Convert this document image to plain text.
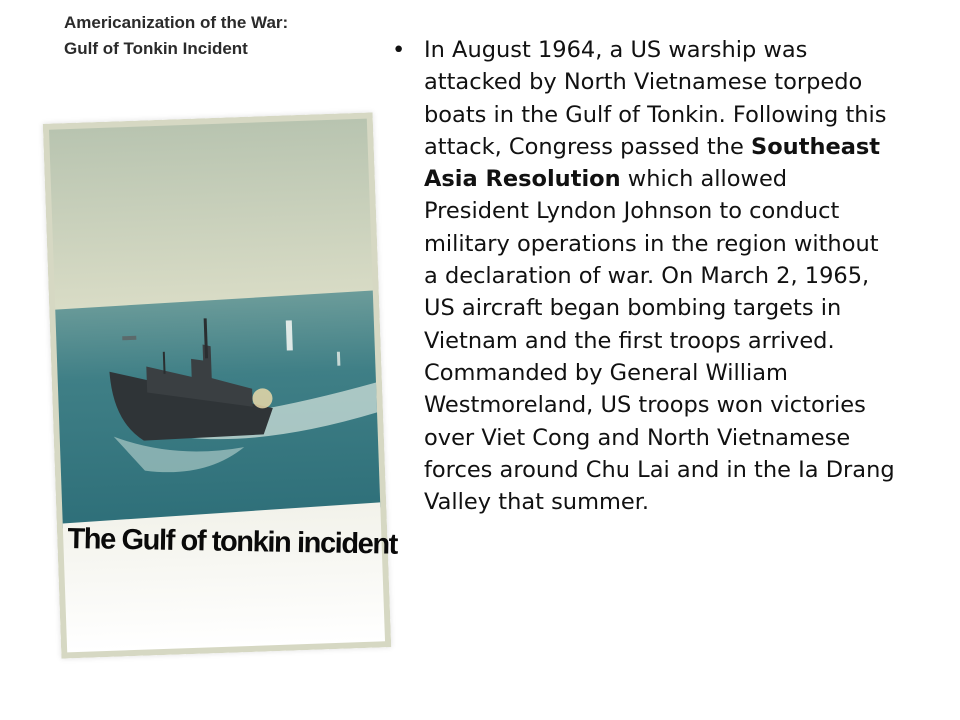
Americanization of the War:
Gulf of Tonkin Incident
The Gulf of tonkin incident
• In August 1964, a US warship was attacked by North Vietnamese torpedo boats in the Gulf of Tonkin. Following this attack, Congress passed the Southeast Asia Resolution which allowed President Lyndon Johnson to conduct military operations in the region without a declaration of war. On March 2, 1965, US aircraft began bombing targets in Vietnam and the first troops arrived. Commanded by General William Westmoreland, US troops won victories over Viet Cong and North Vietnamese forces around Chu Lai and in the Ia Drang Valley that summer.
